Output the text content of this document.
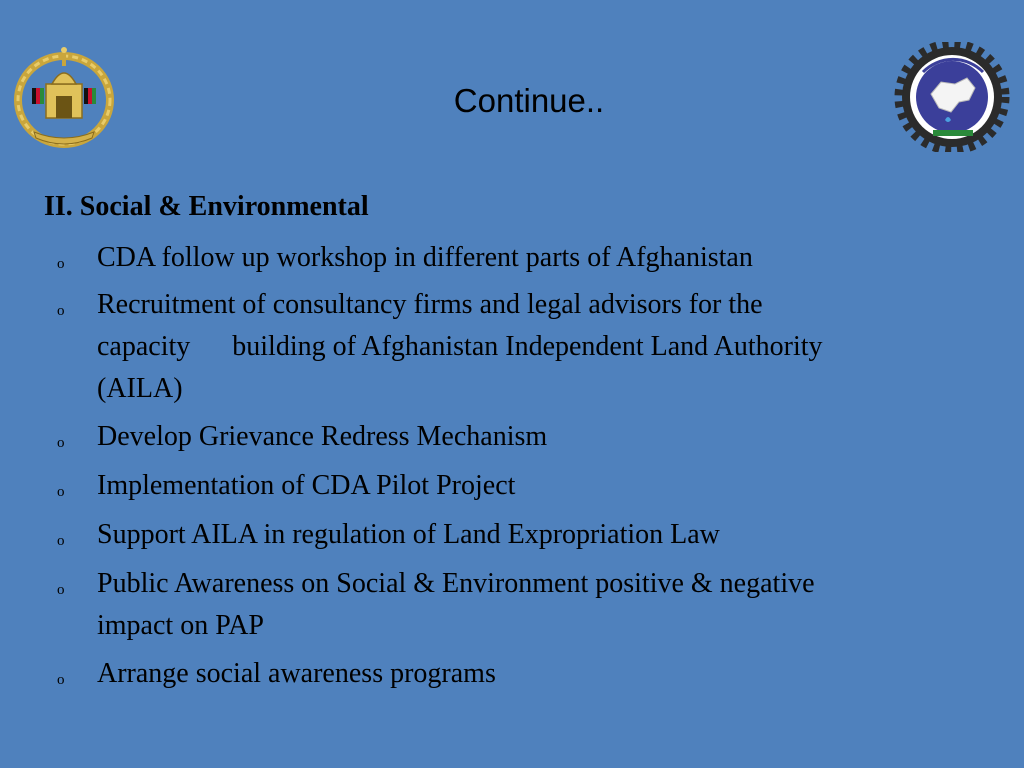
Continue..
II. Social & Environmental
o CDA follow up workshop in different parts of Afghanistan
o Recruitment of consultancy firms and legal advisors for the
capacity      building of Afghanistan Independent Land Authority
(AILA)
o Develop Grievance Redress Mechanism
o Implementation of CDA Pilot Project
o Support AILA in regulation of Land Expropriation Law
o Public Awareness on Social & Environment positive & negative
impact on PAP
o Arrange social awareness programs
